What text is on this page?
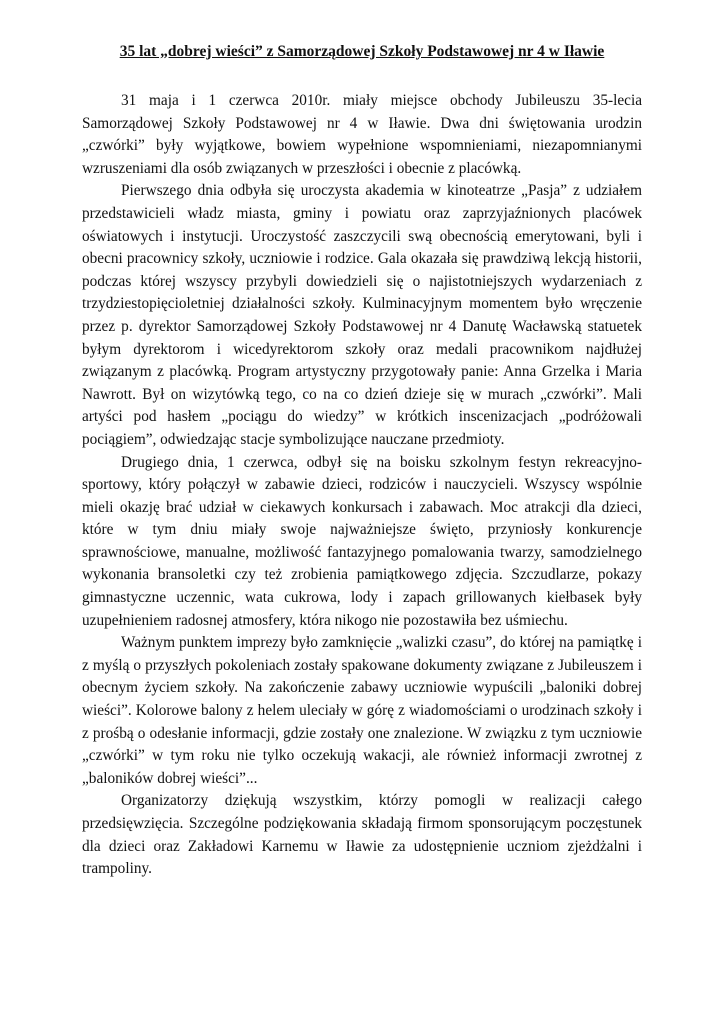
35 lat „dobrej wieści” z Samorządowej Szkoły Podstawowej nr 4 w Iławie

31 maja i 1 czerwca 2010r. miały miejsce obchody Jubileuszu 35-lecia Samorządowej Szkoły Podstawowej nr 4 w Iławie. Dwa dni świętowania urodzin „czwórki” były wyjątkowe, bowiem wypełnione wspomnieniami, niezapomnianymi wzruszeniami dla osób związanych w przeszłości i obecnie z placówką.

Pierwszego dnia odbyła się uroczysta akademia w kinoteatrze „Pasja” z udziałem przedstawicieli władz miasta, gminy i powiatu oraz zaprzyjaźnionych placówek oświatowych i instytucji. Uroczystość zaszczycili swą obecnością emerytowani, byli i obecni pracownicy szkoły, uczniowie i rodzice. Gala okazała się prawdziwą lekcją historii, podczas której wszyscy przybyli dowiedzieli się o najistotniejszych wydarzeniach z trzydziestopięcioletniej działalności szkoły. Kulminacyjnym momentem było wręczenie przez p. dyrektor Samorządowej Szkoły Podstawowej nr 4 Danutę Wacławską statuetek byłym dyrektorom i wicedyrektorom szkoły oraz medali pracownikom najdłużej związanym z placówką. Program artystyczny przygotowały panie: Anna Grzelka i Maria Nawrott. Był on wizytówką tego, co na co dzień dzieje się w murach „czwórki”. Mali artyści pod hasłem „pociągu do wiedzy” w krótkich inscenizacjach „podróżowali pociągiem”, odwiedzając stacje symbolizujące nauczane przedmioty.

Drugiego dnia, 1 czerwca, odbył się na boisku szkolnym festyn rekreacyjno- sportowy, który połączył w zabawie dzieci, rodziców i nauczycieli. Wszyscy wspólnie mieli okazję brać udział w ciekawych konkursach i zabawach. Moc atrakcji dla dzieci, które w tym dniu miały swoje najważniejsze święto, przyniosły konkurencje sprawnościowe, manualne, możliwość fantazyjnego pomalowania twarzy, samodzielnego wykonania bransoletki czy też zrobienia pamiątkowego zdjęcia. Szczudlarze, pokazy gimnastyczne uczennic, wata cukrowa, lody i zapach grillowanych kiełbasek były uzupełnieniem radosnej atmosfery, która nikogo nie pozostawiła bez uśmiechu.

Ważnym punktem imprezy było zamknięcie „walizki czasu”, do której na pamiątkę i z myślą o przyszłych pokoleniach zostały spakowane dokumenty związane z Jubileuszem i obecnym życiem szkoły. Na zakończenie zabawy uczniowie wypuścili „baloniki dobrej wieści”. Kolorowe balony z helem uleciały w górę z wiadomościami o urodzinach szkoły i z prośbą o odesłanie informacji, gdzie zostały one znalezione. W związku z tym uczniowie „czwórki” w tym roku nie tylko oczekują wakacji, ale również informacji zwrotnej z „baloników dobrej wieści”...

Organizatorzy dziękują wszystkim, którzy pomogli w realizacji całego przedsięwzięcia. Szczególne podziękowania składają firmom sponsorującym poczęstunek dla dzieci oraz Zakładowi Karnemu w Iławie za udostępnienie uczniom zjeżdżalni i trampoliny.
